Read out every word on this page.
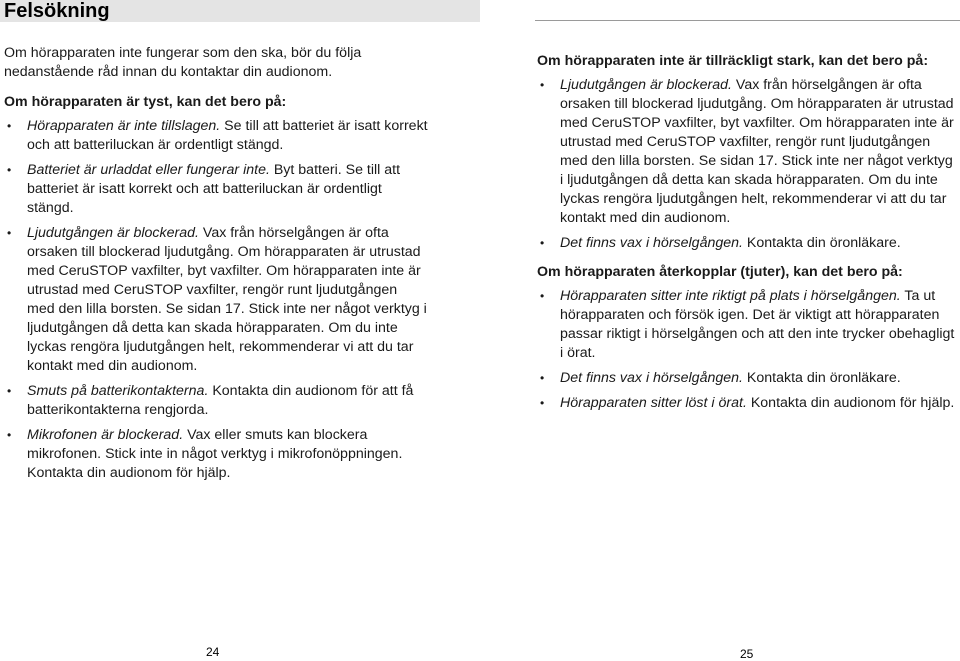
Felsökning

Om hörapparaten inte fungerar som den ska, bör du följa nedanstående råd innan du kontaktar din audionom.

Om hörapparaten är tyst, kan det bero på:

• Hörapparaten är inte tillslagen. Se till att batteriet är isatt korrekt och att batteriluckan är ordentligt stängd.
• Batteriet är urladdat eller fungerar inte. Byt batteri. Se till att batteriet är isatt korrekt och att batteriluckan är ordentligt stängd.
• Ljudutgången är blockerad. Vax från hörselgången är ofta orsaken till blockerad ljudutgång. Om hörapparaten är utrustad med CeruSTOP vaxfilter, byt vaxfilter. Om hörapparaten inte är utrustad med CeruSTOP vaxfilter, rengör runt ljudutgången med den lilla borsten. Se sidan 17. Stick inte ner något verktyg i ljudutgången då detta kan skada hörapparaten. Om du inte lyckas rengöra ljudutgången helt, rekommenderar vi att du tar kontakt med din audionom.
• Smuts på batterikontakterna. Kontakta din audionom för att få batterikontakterna rengjorda.
• Mikrofonen är blockerad. Vax eller smuts kan blockera mikrofonen. Stick inte in något verktyg i mikrofonöppningen. Kontakta din audionom för hjälp.

Om hörapparaten inte är tillräckligt stark, kan det bero på:

• Ljudutgången är blockerad. Vax från hörselgången är ofta orsaken till blockerad ljudutgång. Om hörapparaten är utrustad med CeruSTOP vaxfilter, byt vaxfilter. Om hörapparaten inte är utrustad med CeruSTOP vaxfilter, rengör runt ljudutgången med den lilla borsten. Se sidan 17. Stick inte ner något verktyg i ljudutgången då detta kan skada hörapparaten. Om du inte lyckas rengöra ljudutgången helt, rekommenderar vi att du tar kontakt med din audionom.
• Det finns vax i hörselgången. Kontakta din öronläkare.

Om hörapparaten återkopplar (tjuter), kan det bero på:

• Hörapparaten sitter inte riktigt på plats i hörselgången. Ta ut hörapparaten och försök igen. Det är viktigt att hörapparaten passar riktigt i hörselgången och att den inte trycker obehagligt i örat.
• Det finns vax i hörselgången. Kontakta din öronläkare.
• Hörapparaten sitter löst i örat. Kontakta din audionom för hjälp.
24	25
